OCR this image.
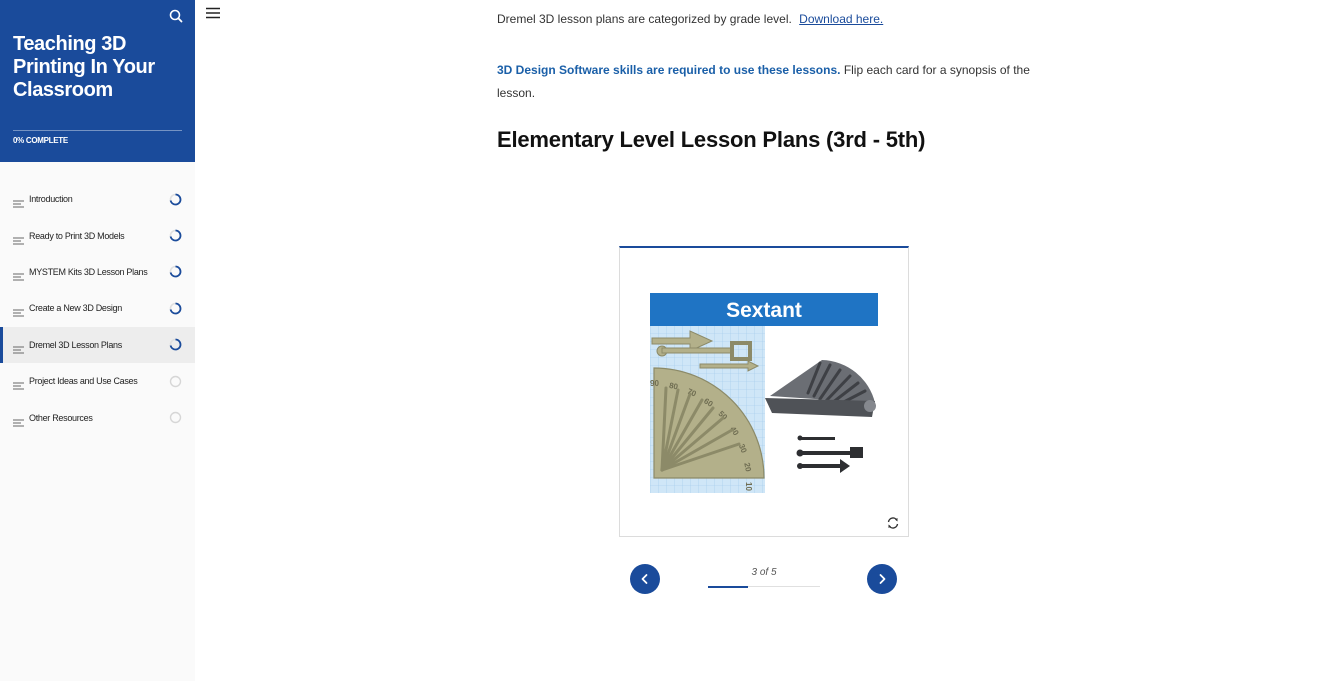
Teaching 3D Printing In Your Classroom
0% COMPLETE
Introduction
Ready to Print 3D Models
MYSTEM Kits 3D Lesson Plans
Create a New 3D Design
Dremel 3D Lesson Plans
Project Ideas and Use Cases
Other Resources
Dremel 3D lesson plans are categorized by grade level. Download here.
3D Design Software skills are required to use these lessons. Flip each card for a synopsis of the lesson.
Elementary Level Lesson Plans (3rd - 5th)
Sextant
90 80
70
60
50
40
30
20
10
3 of 5
